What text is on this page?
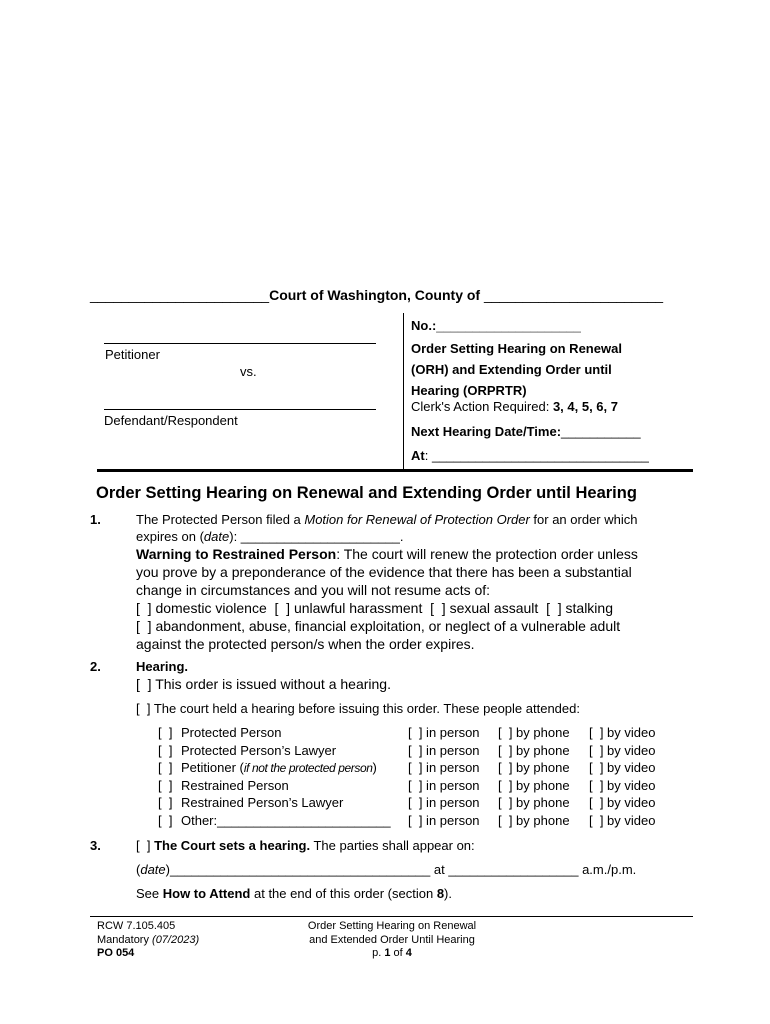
_______________________Court of Washington, County of _______________________
Petitioner
vs.
Defendant/Respondent
No.:____________________
Order Setting Hearing on Renewal
(ORH) and Extending Order until
Hearing (ORPRTR)
Clerk's Action Required: 3, 4, 5, 6, 7
Next Hearing Date/Time:___________
At: ______________________________
Order Setting Hearing on Renewal and Extending Order until Hearing
1.	The Protected Person filed a Motion for Renewal of Protection Order for an order which
expires on (date): ______________________.
Warning to Restrained Person: The court will renew the protection order unless
you prove by a preponderance of the evidence that there has been a substantial
change in circumstances and you will not resume acts of:
[  ] domestic violence  [  ] unlawful harassment  [  ] sexual assault  [  ] stalking
[  ] abandonment, abuse, financial exploitation, or neglect of a vulnerable adult
against the protected person/s when the order expires.
2.	Hearing.
[  ] This order is issued without a hearing.
[  ] The court held a hearing before issuing this order. These people attended:
[  ] Protected Person	[  ] in person [  ] by phone [  ] by video
[  ] Protected Person’s Lawyer	[  ] in person [  ] by phone [  ] by video
[  ] Petitioner (if not the protected person) [  ] in person [  ] by phone [  ] by video
[  ] Restrained Person	[  ] in person [  ] by phone [  ] by video
[  ] Restrained Person’s Lawyer	[  ] in person [  ] by phone [  ] by video
[  ] Other:________________________ [  ] in person [  ] by phone [  ] by video
3.	[  ] The Court sets a hearing. The parties shall appear on:
(date)____________________________________ at __________________ a.m./p.m.
See How to Attend at the end of this order (section 8).
RCW 7.105.405
Mandatory (07/2023)
PO 054
Order Setting Hearing on Renewal
and Extended Order Until Hearing
p. 1 of 4
